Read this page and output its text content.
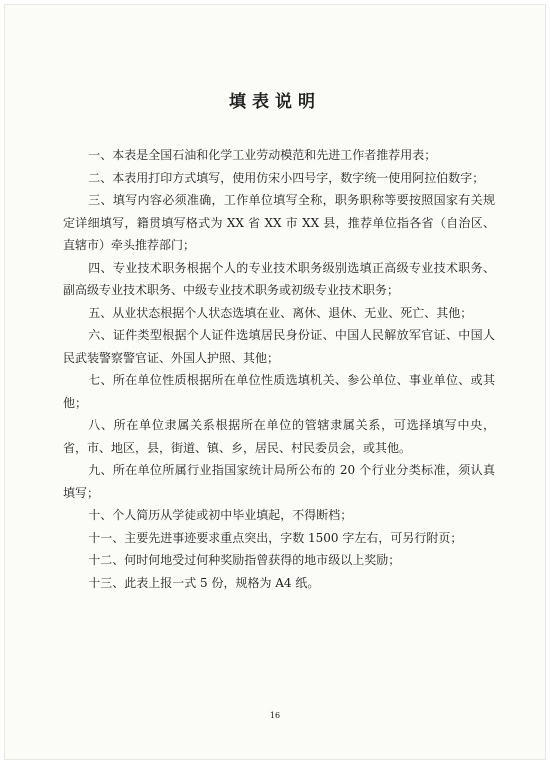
填表说明

一、本表是全国石油和化学工业劳动模范和先进工作者推荐用表；

二、本表用打印方式填写，使用仿宋小四号字，数字统一使用阿拉伯数字；

三、填写内容必须准确，工作单位填写全称，职务职称等要按照国家有关规定详细填写，籍贯填写格式为 XX 省 XX 市 XX 县，推荐单位指各省（自治区、直辖市）牵头推荐部门；

四、专业技术职务根据个人的专业技术职务级别选填正高级专业技术职务、副高级专业技术职务、中级专业技术职务或初级专业技术职务；

五、从业状态根据个人状态选填在业、离休、退休、无业、死亡、其他；

六、证件类型根据个人证件选填居民身份证、中国人民解放军官证、中国人民武装警察警官证、外国人护照、其他；

七、所在单位性质根据所在单位性质选填机关、参公单位、事业单位、或其他；

八、所在单位隶属关系根据所在单位的管辖隶属关系，可选择填写中央，省，市、地区，县，街道、镇、乡，居民、村民委员会，或其他。

九、所在单位所属行业指国家统计局所公布的 20 个行业分类标准，须认真填写；

十、个人简历从学徒或初中毕业填起，不得断档；

十一、主要先进事迹要求重点突出，字数 1500 字左右，可另行附页；

十二、何时何地受过何种奖励指曾获得的地市级以上奖励；

十三、此表上报一式 5 份，规格为 A4 纸。

16
